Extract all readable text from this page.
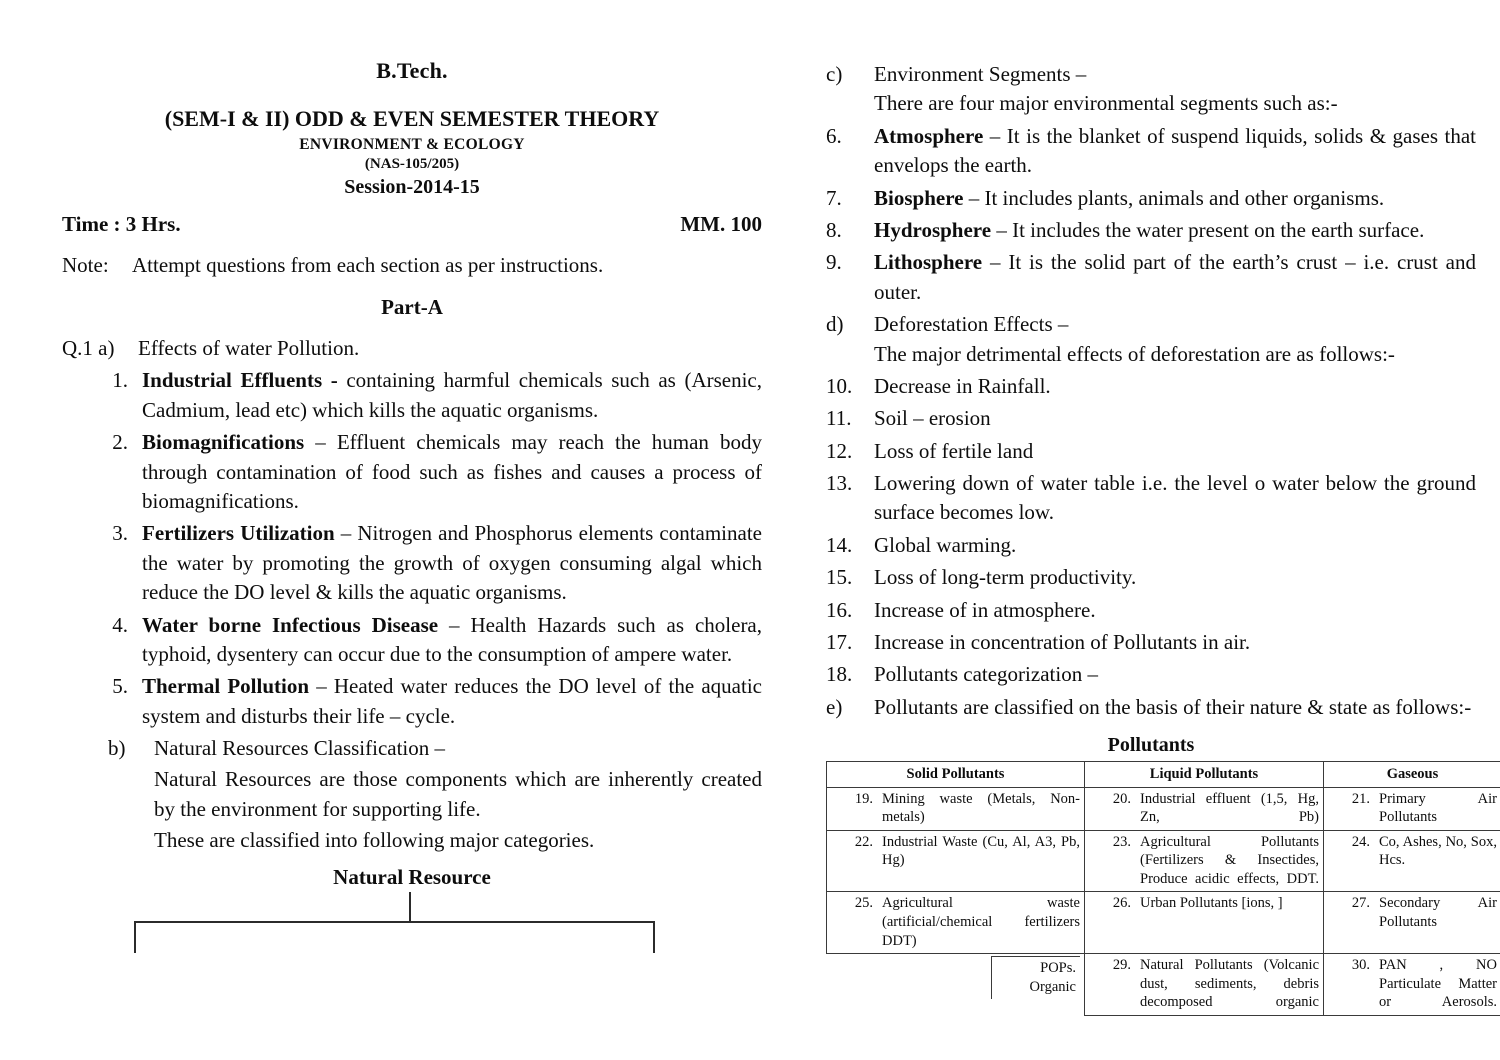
B.Tech.
(SEM-I & II) ODD & EVEN SEMESTER THEORY
ENVIRONMENT & ECOLOGY
(NAS-105/205)
Session-2014-15
Time : 3 Hrs.	MM. 100
Note:	Attempt questions from each section as per instructions.
Part-A
Q.1 a)	Effects of water Pollution.
1. Industrial Effluents - containing harmful chemicals such as (Arsenic, Cadmium, lead etc) which kills the aquatic organisms.
2. Biomagnifications – Effluent chemicals may reach the human body through contamination of food such as fishes and causes a process of biomagnifications.
3. Fertilizers Utilization – Nitrogen and Phosphorus elements contaminate the water by promoting the growth of oxygen consuming algal which reduce the DO level & kills the aquatic organisms.
4. Water borne Infectious Disease – Health Hazards such as cholera, typhoid, dysentery can occur due to the consumption of ampere water.
5. Thermal Pollution – Heated water reduces the DO level of the aquatic system and disturbs their life – cycle.
b)	Natural Resources Classification –
Natural Resources are those components which are inherently created by the environment for supporting life.
These are classified into following major categories.
Natural Resource
c)	Environment Segments –
There are four major environmental segments such as:-
6.	Atmosphere – It is the blanket of suspend liquids, solids & gases that envelops the earth.
7.	Biosphere – It includes plants, animals and other organisms.
8.	Hydrosphere – It includes the water present on the earth surface.
9.	Lithosphere – It is the solid part of the earth’s crust – i.e. crust and outer.
d)	Deforestation Effects –
The major detrimental effects of deforestation are as follows:-
10.	Decrease in Rainfall.
11.	Soil – erosion
12.	Loss of fertile land
13.	Lowering down of water table i.e. the level o water below the ground surface becomes low.
14.	Global warming.
15.	Loss of long-term productivity.
16.	Increase of in atmosphere.
17.	Increase in concentration of Pollutants in air.
18.	Pollutants categorization –
e)	Pollutants are classified on the basis of their nature & state as follows:-
Pollutants
Solid Pollutants	Liquid Pollutants	Gaseous

19. Mining waste (Metals, Non-metals)	20. Industrial effluent (1,5, Hg, Zn, Pb)	21. Primary Air Pollutants

22. Industrial Waste (Cu, Al, A3, Pb, Hg)	23. Agricultural Pollutants (Fertilizers & Insectides, Produce acidic effects, DDT.	24. Co, Ashes, No, Sox, Hcs.

25. Agricultural waste (artificial/chemical fertilizers DDT)	26. Urban Pollutants [ions, ]	27. Secondary Air Pollutants

POPs. Organic	29. Natural Pollutants (Volcanic dust, sediments, debris decomposed organic	30. PAN , NO Particulate Matter or Aerosols.
